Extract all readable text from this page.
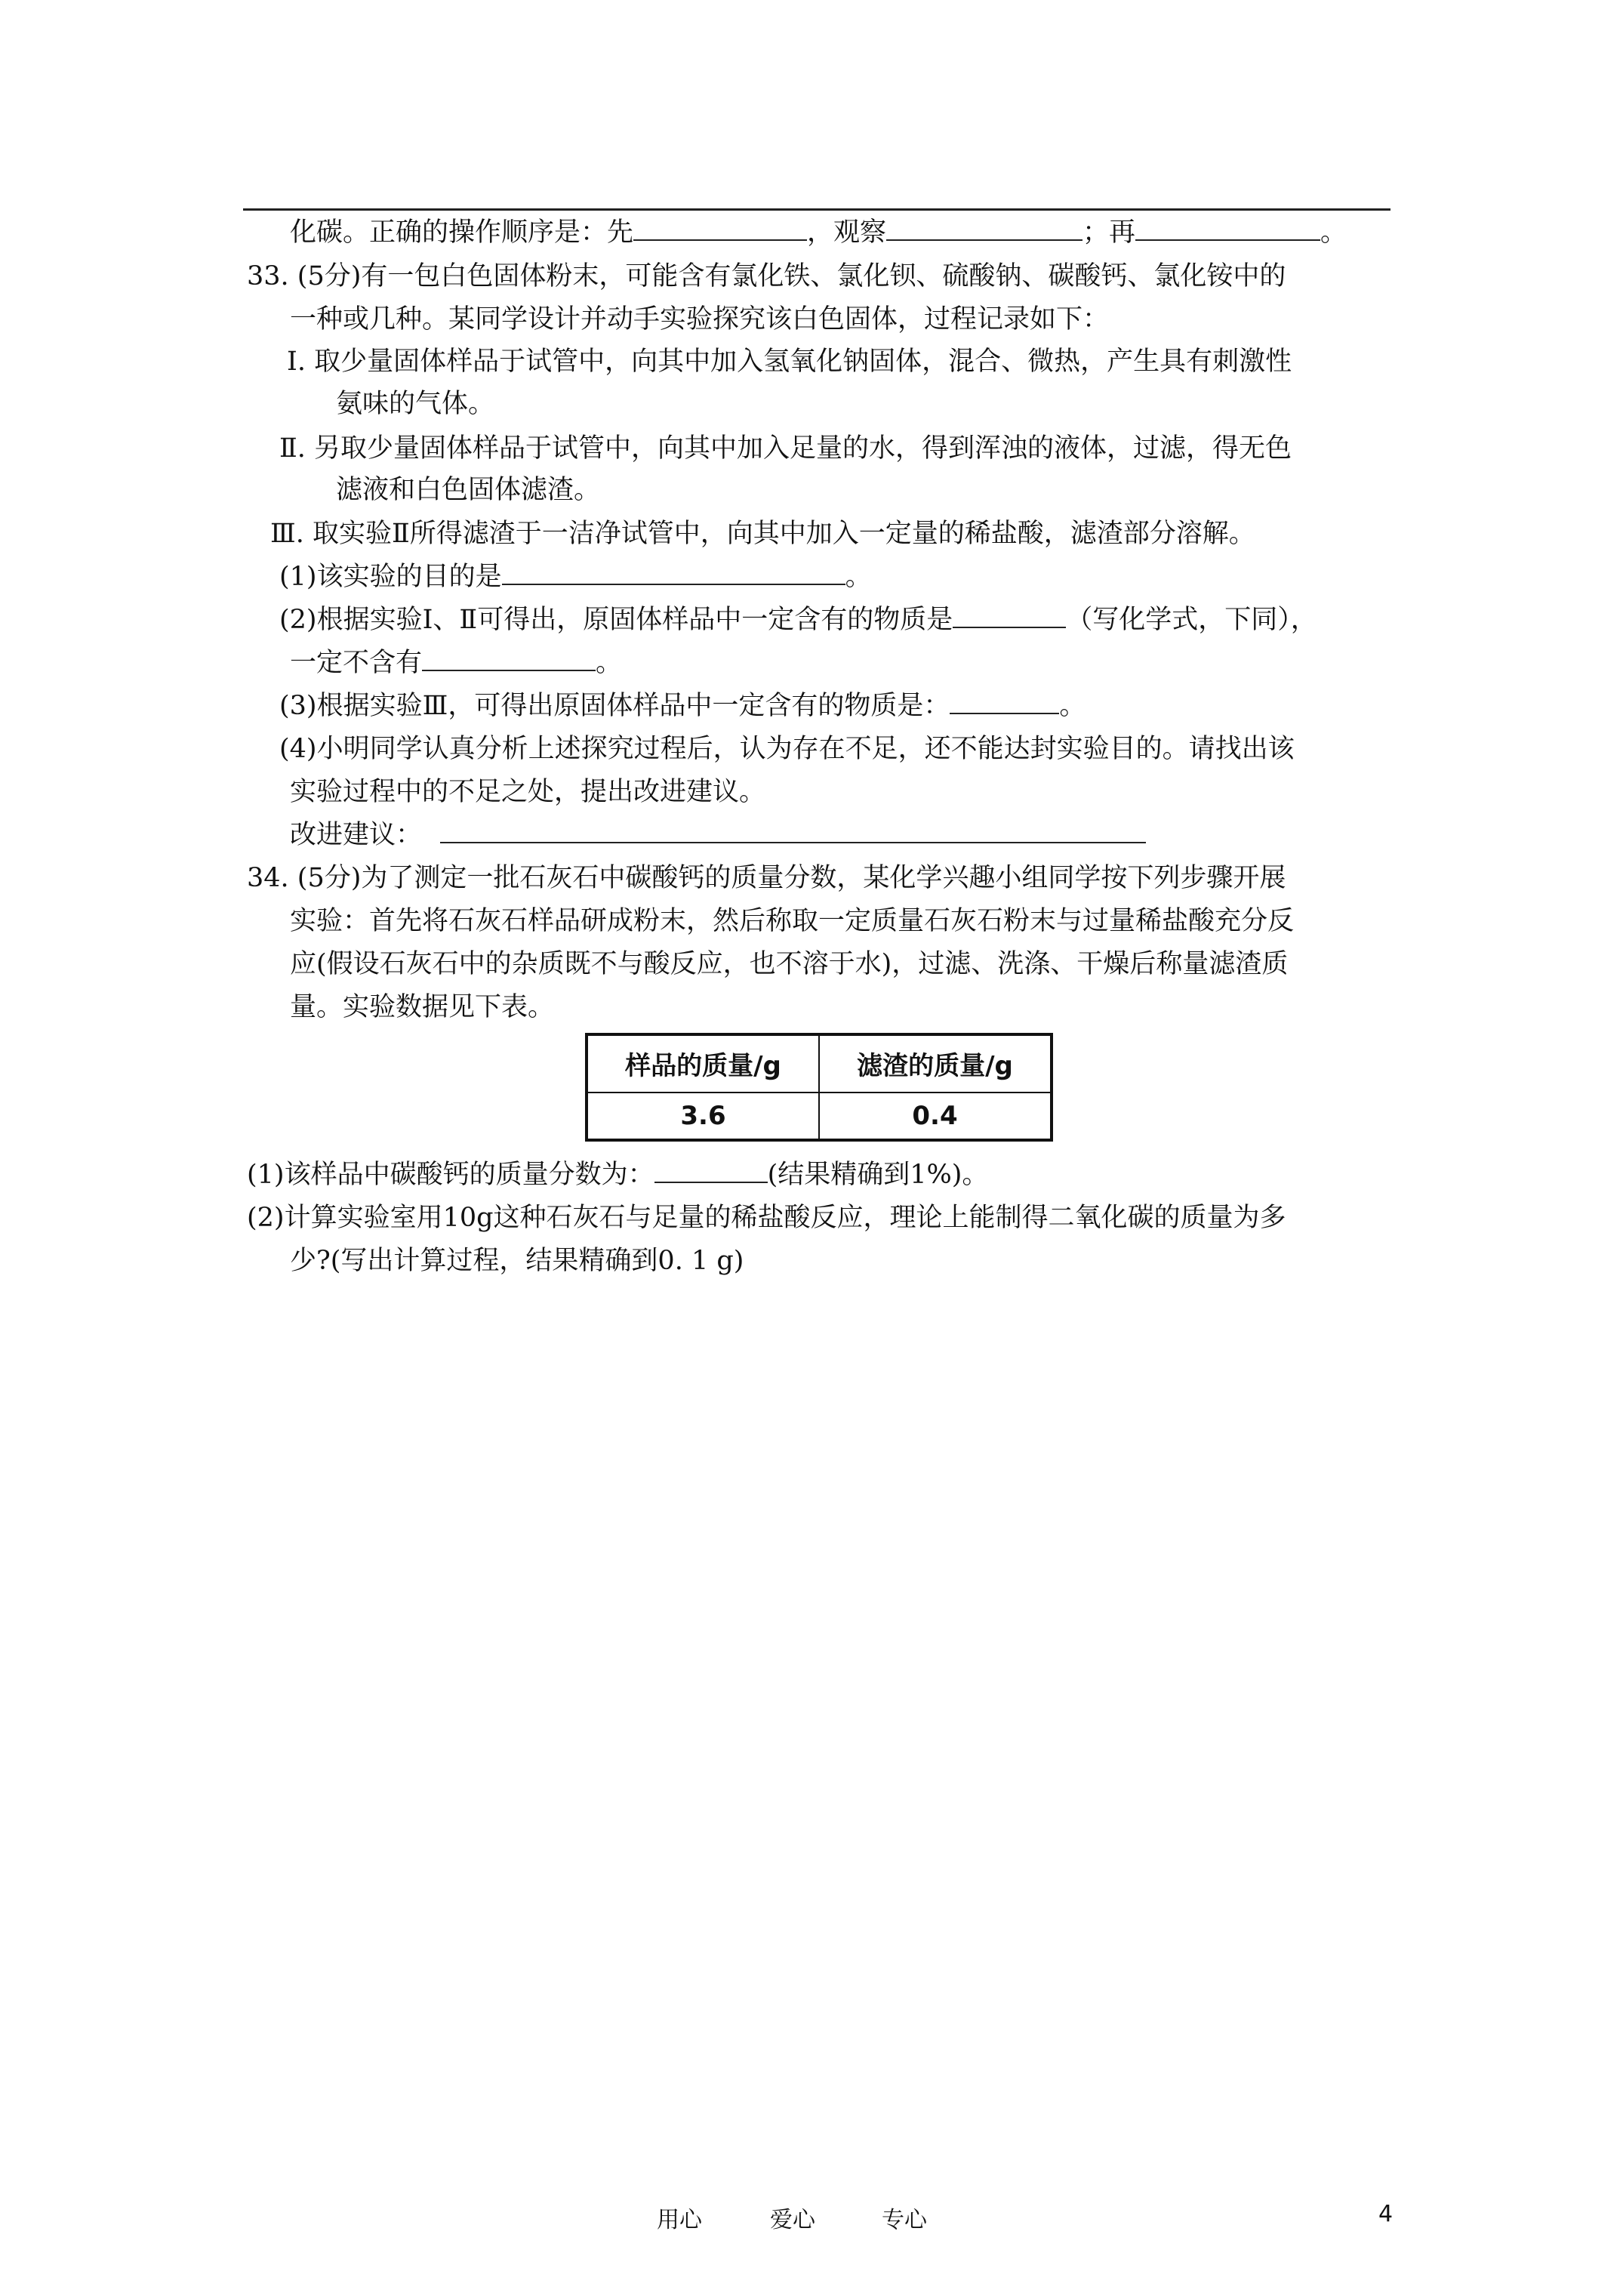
化碳。正确的操作顺序是：先	，观察	；再	。
33. (5分)有一包白色固体粉末，可能含有氯化铁、氯化钡、硫酸钠、碳酸钙、氯化铵中的
一种或几种。某同学设计并动手实验探究该白色固体，过程记录如下：
Ⅰ. 取少量固体样品于试管中，向其中加入氢氧化钠固体，混合、微热，产生具有刺激性
氨味的气体。
Ⅱ. 另取少量固体样品于试管中，向其中加入足量的水，得到浑浊的液体，过滤，得无色
滤液和白色固体滤渣。
Ⅲ. 取实验Ⅱ所得滤渣于一洁净试管中，向其中加入一定量的稀盐酸，滤渣部分溶解。
(1)该实验的目的是	。
(2)根据实验Ⅰ、Ⅱ可得出，原固体样品中一定含有的物质是	（写化学式，下同），
一定不含有	。
(3)根据实验Ⅲ，可得出原固体样品中一定含有的物质是：	。
(4)小明同学认真分析上述探究过程后，认为存在不足，还不能达封实验目的。请找出该
实验过程中的不足之处，提出改进建议。
改进建议：
34. (5分)为了测定一批石灰石中碳酸钙的质量分数，某化学兴趣小组同学按下列步骤开展
实验：首先将石灰石样品研成粉末，然后称取一定质量石灰石粉末与过量稀盐酸充分反
应(假设石灰石中的杂质既不与酸反应，也不溶于水)，过滤、洗涤、干燥后称量滤渣质
量。实验数据见下表。
样品的质量/g	滤渣的质量/g
3.6	0.4
(1)该样品中碳酸钙的质量分数为：	(结果精确到1%)。
(2)计算实验室用10g这种石灰石与足量的稀盐酸反应，理论上能制得二氧化碳的质量为多
少?(写出计算过程，结果精确到0. 1 g)
用心	爱心	专心	4
